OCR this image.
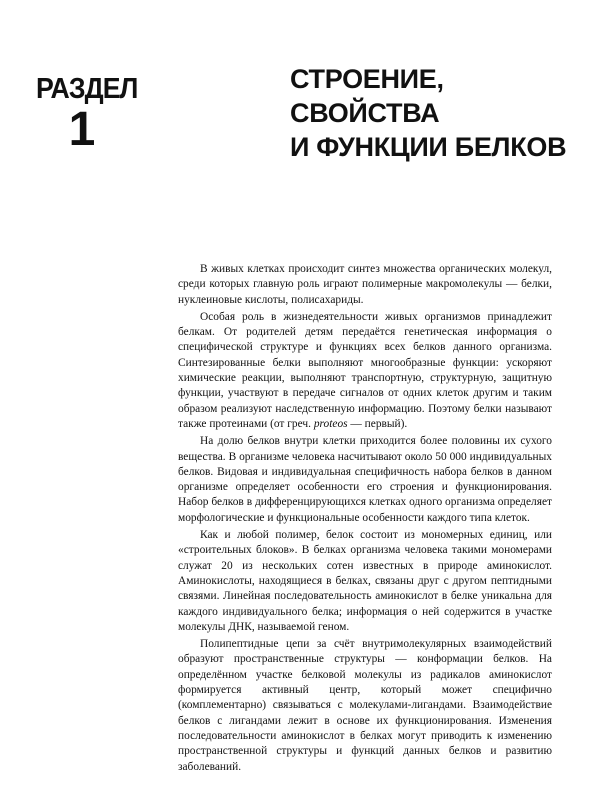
РАЗДЕЛ
1
СТРОЕНИЕ, СВОЙСТВА
И ФУНКЦИИ БЕЛКОВ

В живых клетках происходит синтез множества органических молекул, среди которых главную роль играют полимерные макромолекулы — белки, нуклеиновые кислоты, полисахариды.

Особая роль в жизнедеятельности живых организмов принадлежит белкам. От родителей детям передаётся генетическая информация о специфической структуре и функциях всех белков данного организма. Синтезированные белки выполняют многообразные функции: ускоряют химические реакции, выполняют транспортную, структурную, защитную функции, участвуют в передаче сигналов от одних клеток другим и таким образом реализуют наследственную информацию. Поэтому белки называют также протеинами (от греч. proteos — первый).

На долю белков внутри клетки приходится более половины их сухого вещества. В организме человека насчитывают около 50 000 индивидуальных белков. Видовая и индивидуальная специфичность набора белков в данном организме определяет особенности его строения и функционирования. Набор белков в дифференцирующихся клетках одного организма определяет морфологические и функциональные особенности каждого типа клеток.

Как и любой полимер, белок состоит из мономерных единиц, или «строительных блоков». В белках организма человека такими мономерами служат 20 из нескольких сотен известных в природе аминокислот. Аминокислоты, находящиеся в белках, связаны друг с другом пептидными связями. Линейная последовательность аминокислот в белке уникальна для каждого индивидуального белка; информация о ней содержится в участке молекулы ДНК, называемой геном.

Полипептидные цепи за счёт внутримолекулярных взаимодействий образуют пространственные структуры — конформации белков. На определённом участке белковой молекулы из радикалов аминокислот формируется активный центр, который может специфично (комплементарно) связываться с молекулами-лигандами. Взаимодействие белков с лигандами лежит в основе их функционирования. Изменения последовательности аминокислот в белках могут приводить к изменению пространственной структуры и функций данных белков и развитию заболеваний.
